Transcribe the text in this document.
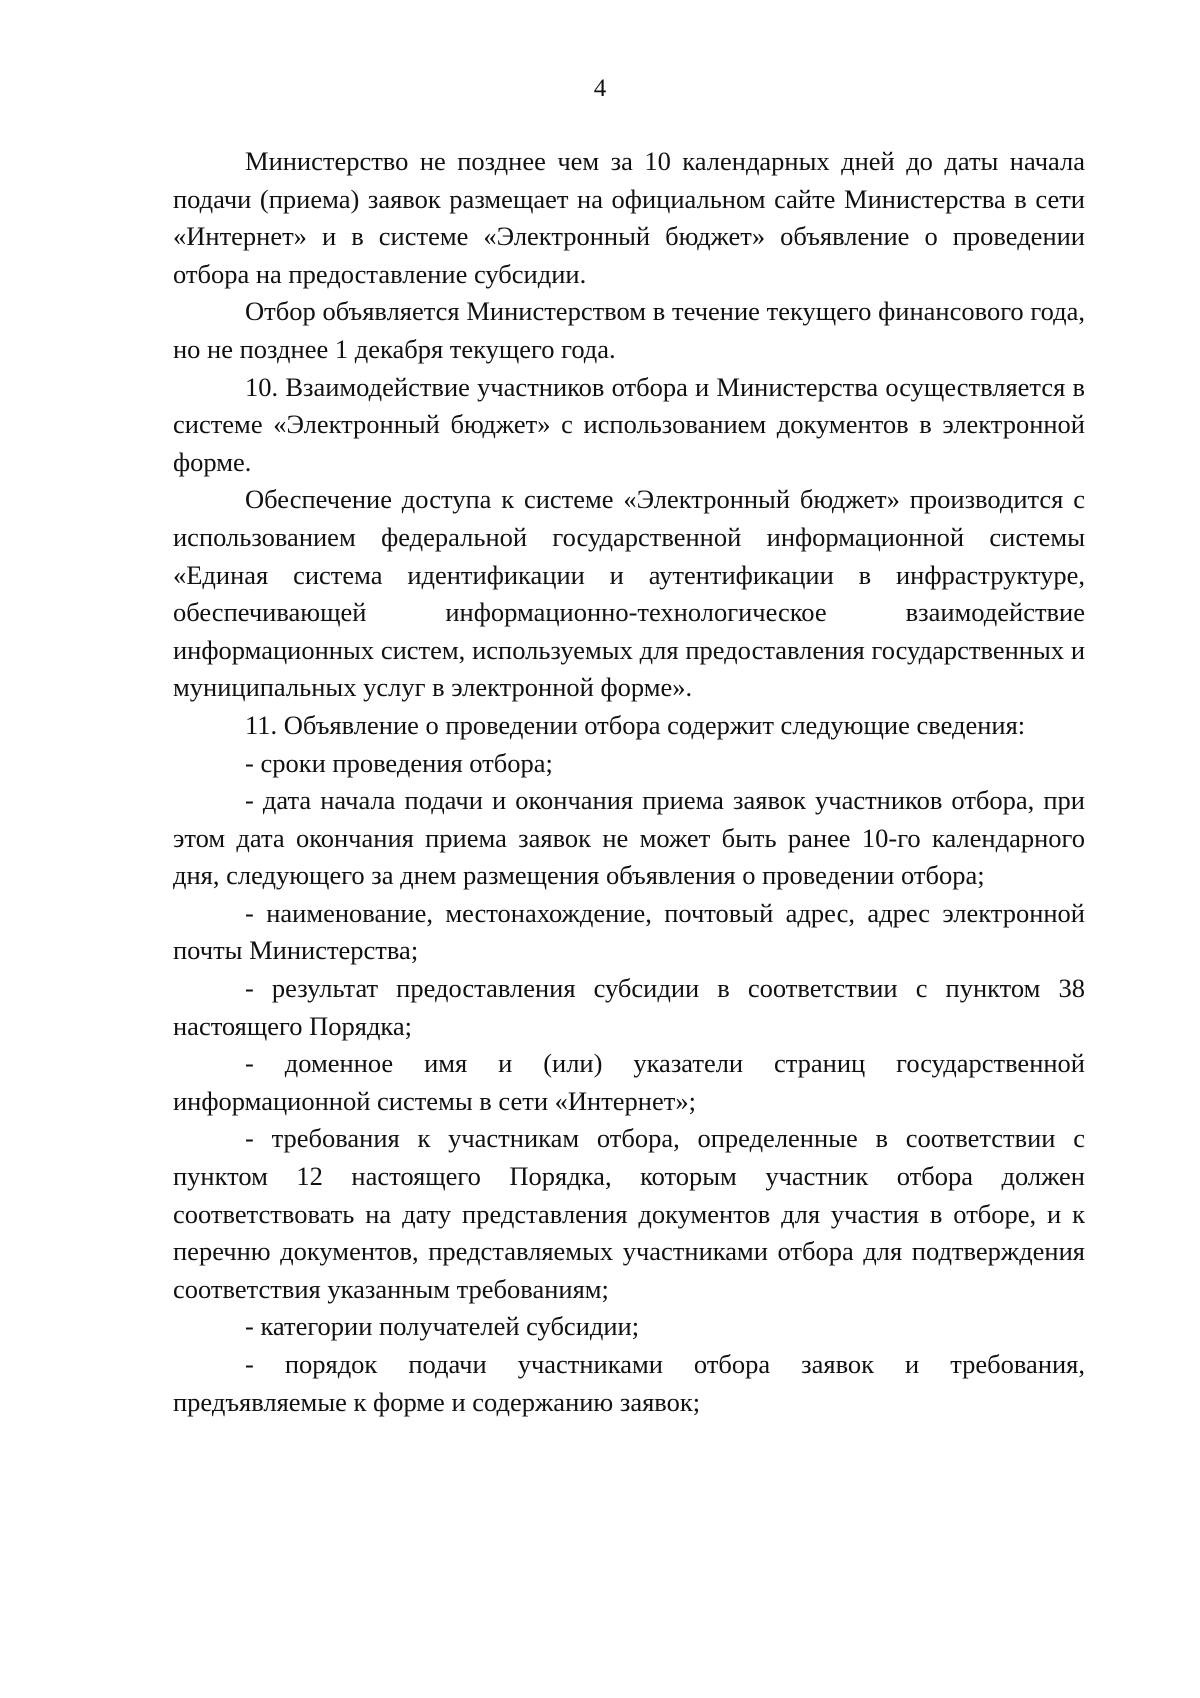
4

Министерство не позднее чем за 10 календарных дней до даты начала подачи (приема) заявок размещает на официальном сайте Министерства в сети «Интернет» и в системе «Электронный бюджет» объявление о проведении отбора на предоставление субсидии.

Отбор объявляется Министерством в течение текущего финансового года, но не позднее 1 декабря текущего года.

10. Взаимодействие участников отбора и Министерства осуществляется в системе «Электронный бюджет» с использованием документов в электронной форме.

Обеспечение доступа к системе «Электронный бюджет» производится с использованием федеральной государственной информационной системы «Единая система идентификации и аутентификации в инфраструктуре, обеспечивающей информационно-технологическое взаимодействие информационных систем, используемых для предоставления государственных и муниципальных услуг в электронной форме».

11. Объявление о проведении отбора содержит следующие сведения:

- сроки проведения отбора;

- дата начала подачи и окончания приема заявок участников отбора, при этом дата окончания приема заявок не может быть ранее 10-го календарного дня, следующего за днем размещения объявления о проведении отбора;

- наименование, местонахождение, почтовый адрес, адрес электронной почты Министерства;

- результат предоставления субсидии в соответствии с пунктом 38 настоящего Порядка;

- доменное имя и (или) указатели страниц государственной информационной системы в сети «Интернет»;

- требования к участникам отбора, определенные в соответствии с пунктом 12 настоящего Порядка, которым участник отбора должен соответствовать на дату представления документов для участия в отборе, и к перечню документов, представляемых участниками отбора для подтверждения соответствия указанным требованиям;

- категории получателей субсидии;

- порядок подачи участниками отбора заявок и требования, предъявляемые к форме и содержанию заявок;
